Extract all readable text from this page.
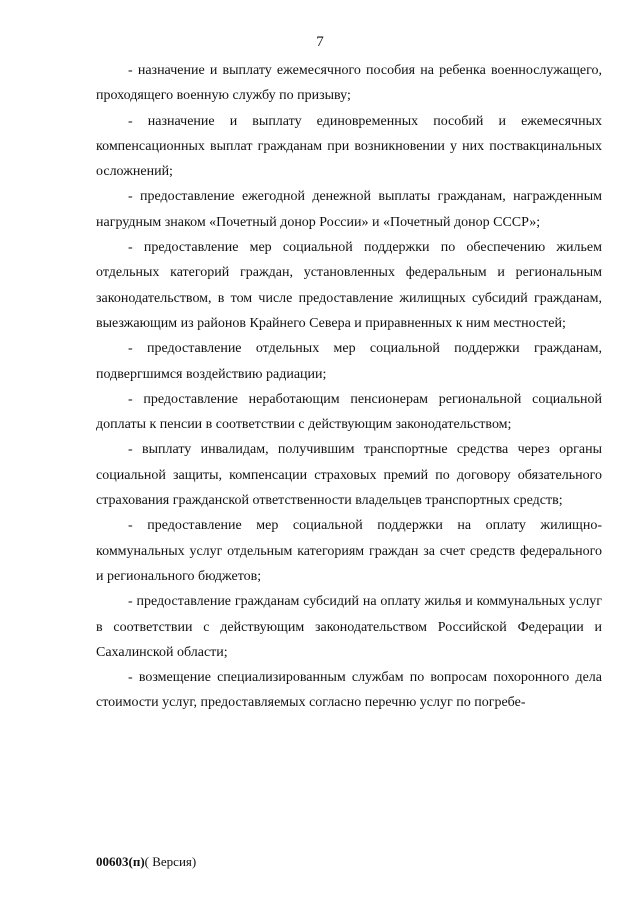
7

- назначение и выплату ежемесячного пособия на ребенка военнослужащего, проходящего военную службу по призыву;

- назначение и выплату единовременных пособий и ежемесячных компенсационных выплат гражданам при возникновении у них поствакцинальных осложнений;

- предоставление ежегодной денежной выплаты гражданам, награжденным нагрудным знаком «Почетный донор России» и «Почетный донор СССР»;

- предоставление мер социальной поддержки по обеспечению жильем отдельных категорий граждан, установленных федеральным и региональным законодательством, в том числе предоставление жилищных субсидий гражданам, выезжающим из районов Крайнего Севера и приравненных к ним местностей;

- предоставление отдельных мер социальной поддержки гражданам, подвергшимся воздействию радиации;

- предоставление неработающим пенсионерам региональной социальной доплаты к пенсии в соответствии с действующим законодательством;

- выплату инвалидам, получившим транспортные средства через органы социальной защиты, компенсации страховых премий по договору обязательного страхования гражданской ответственности владельцев транспортных средств;

- предоставление мер социальной поддержки на оплату жилищно-коммунальных услуг отдельным категориям граждан за счет средств федерального и регионального бюджетов;

- предоставление гражданам субсидий на оплату жилья и коммунальных услуг в соответствии с действующим законодательством Российской Федерации и Сахалинской области;

- возмещение специализированным службам по вопросам похоронного дела стоимости услуг, предоставляемых согласно перечню услуг по погребе-

00603(п)( Версия)
